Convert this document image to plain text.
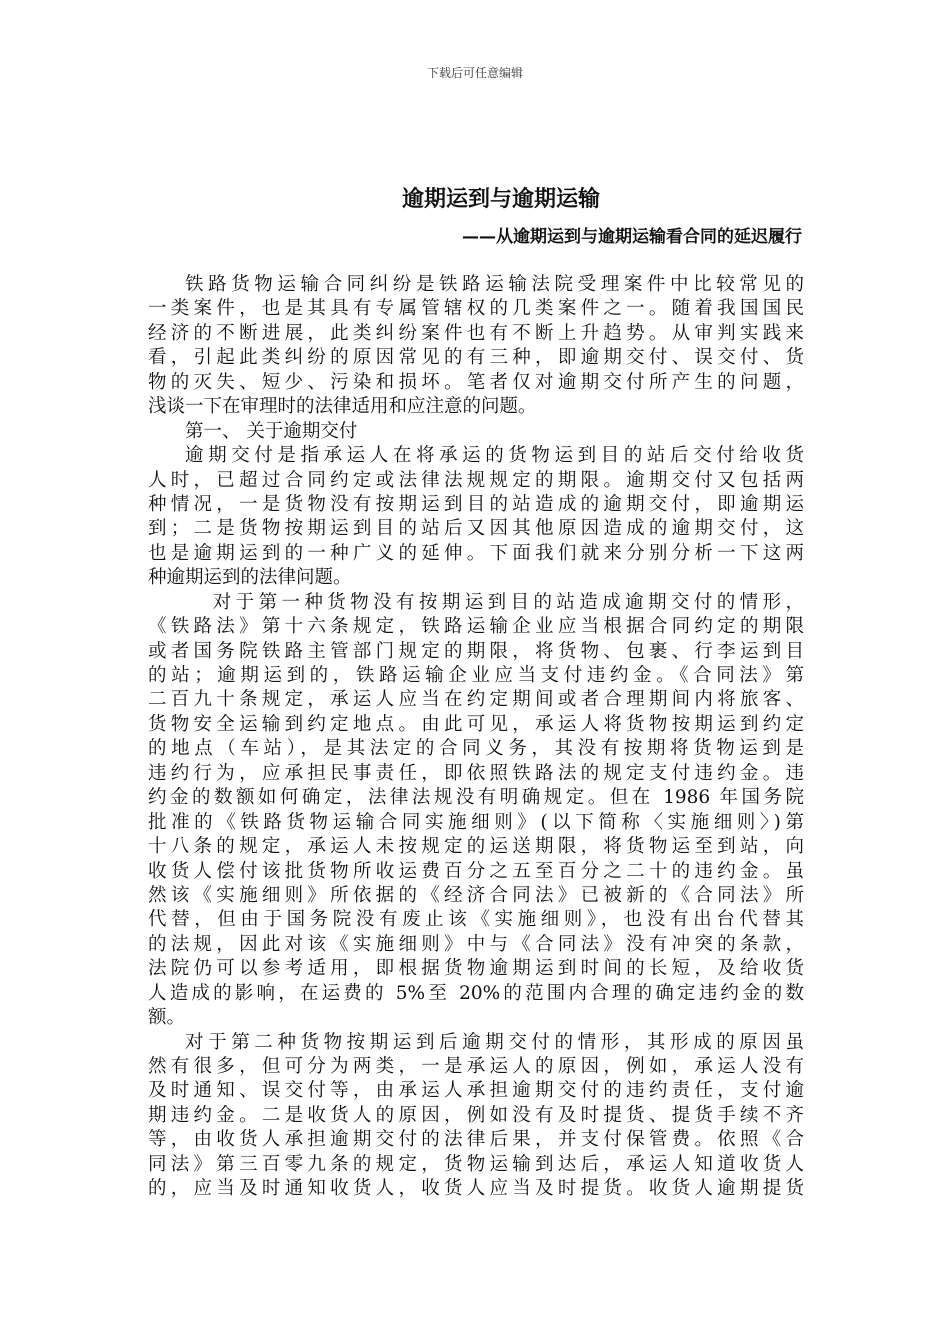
下载后可任意编辑
逾期运到与逾期运输
——从逾期运到与逾期运输看合同的延迟履行
铁路货物运输合同纠纷是铁路运输法院受理案件中比较常见的
一类案件，也是其具有专属管辖权的几类案件之一。随着我国国民
经济的不断进展，此类纠纷案件也有不断上升趋势。从审判实践来
看，引起此类纠纷的原因常见的有三种，即逾期交付、误交付、货
物的灭失、短少、污染和损坏。笔者仅对逾期交付所产生的问题，
浅谈一下在审理时的法律适用和应注意的问题。
第一、 关于逾期交付
逾期交付是指承运人在将承运的货物运到目的站后交付给收货
人时，已超过合同约定或法律法规规定的期限。逾期交付又包括两
种情况，一是货物没有按期运到目的站造成的逾期交付，即逾期运
到；二是货物按期运到目的站后又因其他原因造成的逾期交付，这
也是逾期运到的一种广义的延伸。下面我们就来分别分析一下这两
种逾期运到的法律问题。
对于第一种货物没有按期运到目的站造成逾期交付的情形，
《铁路法》第十六条规定，铁路运输企业应当根据合同约定的期限
或者国务院铁路主管部门规定的期限，将货物、包裹、行李运到目
的站；逾期运到的，铁路运输企业应当支付违约金。《合同法》第
二百九十条规定，承运人应当在约定期间或者合理期间内将旅客、
货物安全运输到约定地点。由此可见，承运人将货物按期运到约定
的地点（车站），是其法定的合同义务，其没有按期将货物运到是
违约行为，应承担民事责任，即依照铁路法的规定支付违约金。违
约金的数额如何确定，法律法规没有明确规定。但在 1986 年国务院
批准的《铁路货物运输合同实施细则》(以下简称〈实施细则〉)第
十八条的规定，承运人未按规定的运送期限，将货物运至到站，向
收货人偿付该批货物所收运费百分之五至百分之二十的违约金。虽
然该《实施细则》所依据的《经济合同法》已被新的《合同法》所
代替，但由于国务院没有废止该《实施细则》，也没有出台代替其
的法规，因此对该《实施细则》中与《合同法》没有冲突的条款，
法院仍可以参考适用，即根据货物逾期运到时间的长短，及给收货
人造成的影响，在运费的 5%至 20%的范围内合理的确定违约金的数
额。
对于第二种货物按期运到后逾期交付的情形，其形成的原因虽
然有很多，但可分为两类，一是承运人的原因，例如，承运人没有
及时通知、误交付等，由承运人承担逾期交付的违约责任，支付逾
期违约金。二是收货人的原因，例如没有及时提货、提货手续不齐
等，由收货人承担逾期交付的法律后果，并支付保管费。依照《合
同法》第三百零九条的规定，货物运输到达后，承运人知道收货人
的，应当及时通知收货人，收货人应当及时提货。收货人逾期提货
